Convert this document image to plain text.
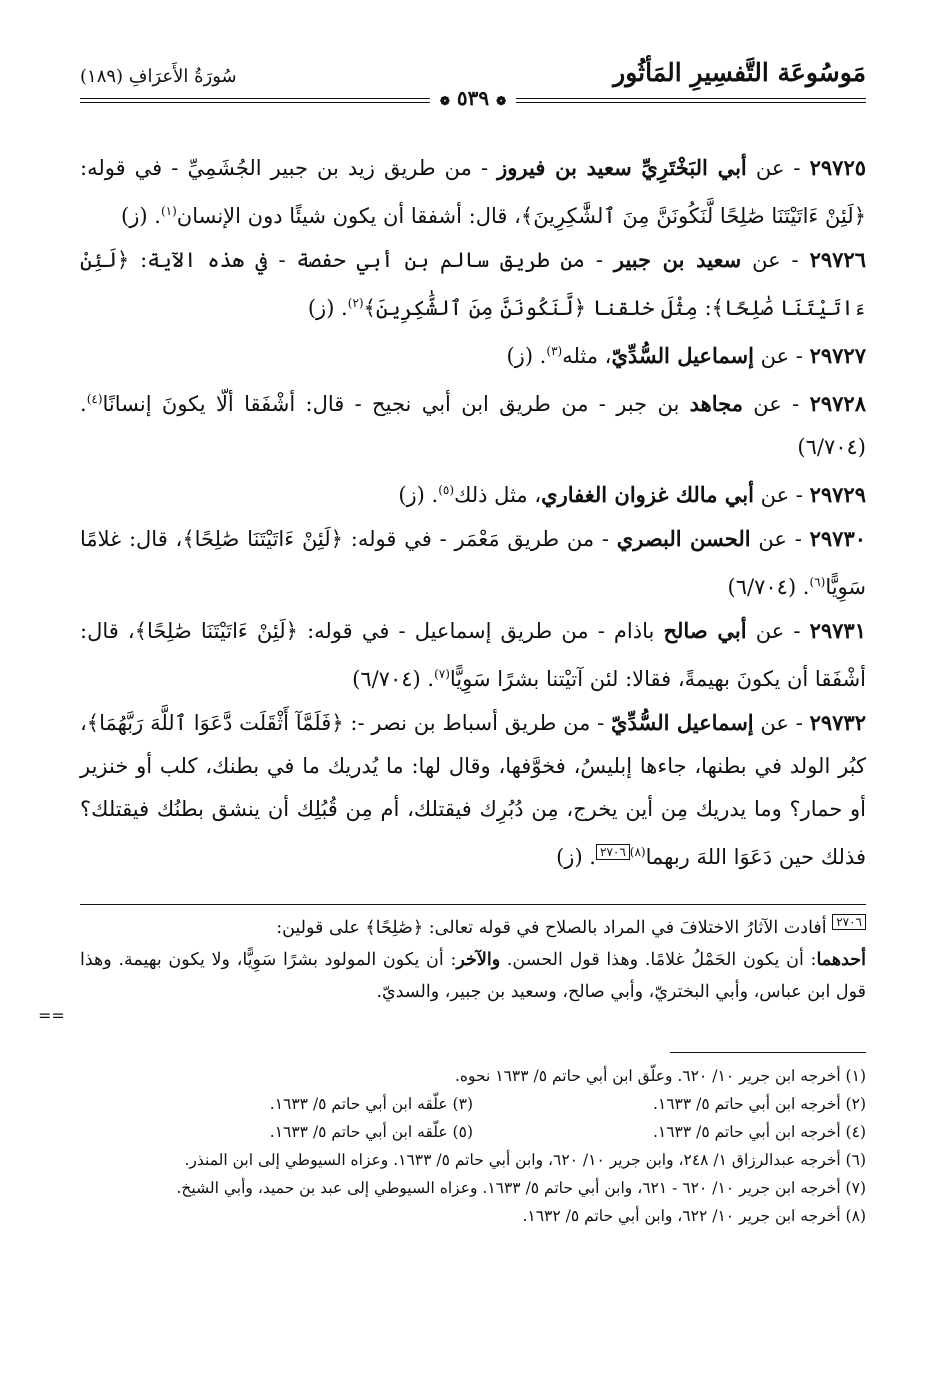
مَوسُوعَة التَّفسِيرِ المَأثُور
سُورَةُ الأَعرَافِ (١٨٩)
❁ ٥٣٩ ❁

٢٩٧٢٥ - عن أبي البَخْتَرِيِّ سعيد بن فيروز - من طريق زيد بن جبير الجُشَمِيِّ - في قوله: ﴿لَئِنْ ءَاتَيْتَنَا صَٰلِحًا لَّنَكُونَنَّ مِنَ ٱلشَّٰكِرِينَ﴾، قال: أشفقا أن يكون شيئًا دون الإنسان$^{(١)}$. (ز)

٢٩٧٢٦ - عن سعيد بن جبير - من طريق سالم بن أبي حفصة - في هذه الآية: ﴿لَئِنْ ءَاتَيْتَنَا صَٰلِحًا﴾: مِثْلَ خلقنا ﴿لَّنَكُونَنَّ مِنَ ٱلشَّٰكِرِينَ﴾$^{(٢)}$. (ز)

٢٩٧٢٧ - عن إسماعيل السُّدِّيّ، مثله$^{(٣)}$. (ز)

٢٩٧٢٨ - عن مجاهد بن جبر - من طريق ابن أبي نجيح - قال: أشْفَقا ألّا يكونَ إنسانًا$^{(٤)}$. (٦/٧٠٤)

٢٩٧٢٩ - عن أبي مالك غزوان الغفاري، مثل ذلك$^{(٥)}$. (ز)

٢٩٧٣٠ - عن الحسن البصري - من طريق مَعْمَر - في قوله: ﴿لَئِنْ ءَاتَيْتَنَا صَٰلِحًا﴾، قال: غلامًا سَوِيًّا$^{(٦)}$. (٦/٧٠٤)

٢٩٧٣١ - عن أبي صالح باذام - من طريق إسماعيل - في قوله: ﴿لَئِنْ ءَاتَيْتَنَا صَٰلِحًا﴾، قال: أشْفَقا أن يكونَ بهيمةً، فقالا: لئن آتيْتنا بشرًا سَوِيًّا$^{(٧)}$. (٦/٧٠٤)

٢٩٧٣٢ - عن إسماعيل السُّدِّيّ - من طريق أسباط بن نصر -: ﴿فَلَمَّآ أَثْقَلَت دَّعَوَا ٱللَّهَ رَبَّهُمَا﴾، كبُر الولد في بطنها، جاءها إبليسُ، فخوَّفها، وقال لها: ما يُدريك ما في بطنك، كلب أو خنزير أو حمار؟ وما يدريك مِن أين يخرج، مِن دُبُرِك فيقتلك، أم مِن قُبُلِك أن ينشق بطنُك فيقتلك؟ فذلك حين دَعَوَا اللهَ ربهما$^{(٨)}$٢٧٠٦. (ز)

٢٧٠٦ أفادت الآثارُ الاختلافَ في المراد بالصلاح في قوله تعالى: ﴿صَٰلِحًا﴾ على قولين:
أحدهما: أن يكون الحَمْلُ غلامًا. وهذا قول الحسن. والآخر: أن يكون المولود بشرًا سَوِيًّا، ولا يكون بهيمة. وهذا قول ابن عباس، وأبي البختريّ، وأبي صالح، وسعيد بن جبير، والسديّ.
==

(١) أخرجه ابن جرير ١٠/ ٦٢٠. وعلّق ابن أبي حاتم ٥/ ١٦٣٣ نحوه.

(٢) أخرجه ابن أبي حاتم ٥/ ١٦٣٣.

(٣) علّقه ابن أبي حاتم ٥/ ١٦٣٣.

(٤) أخرجه ابن أبي حاتم ٥/ ١٦٣٣.

(٥) علّقه ابن أبي حاتم ٥/ ١٦٣٣.

(٦) أخرجه عبدالرزاق ١/ ٢٤٨، وابن جرير ١٠/ ٦٢٠، وابن أبي حاتم ٥/ ١٦٣٣. وعزاه السيوطي إلى ابن المنذر.

(٧) أخرجه ابن جرير ١٠/ ٦٢٠ - ٦٢١، وابن أبي حاتم ٥/ ١٦٣٣. وعزاه السيوطي إلى عبد بن حميد، وأبي الشيخ.

(٨) أخرجه ابن جرير ١٠/ ٦٢٢، وابن أبي حاتم ٥/ ١٦٣٢.
